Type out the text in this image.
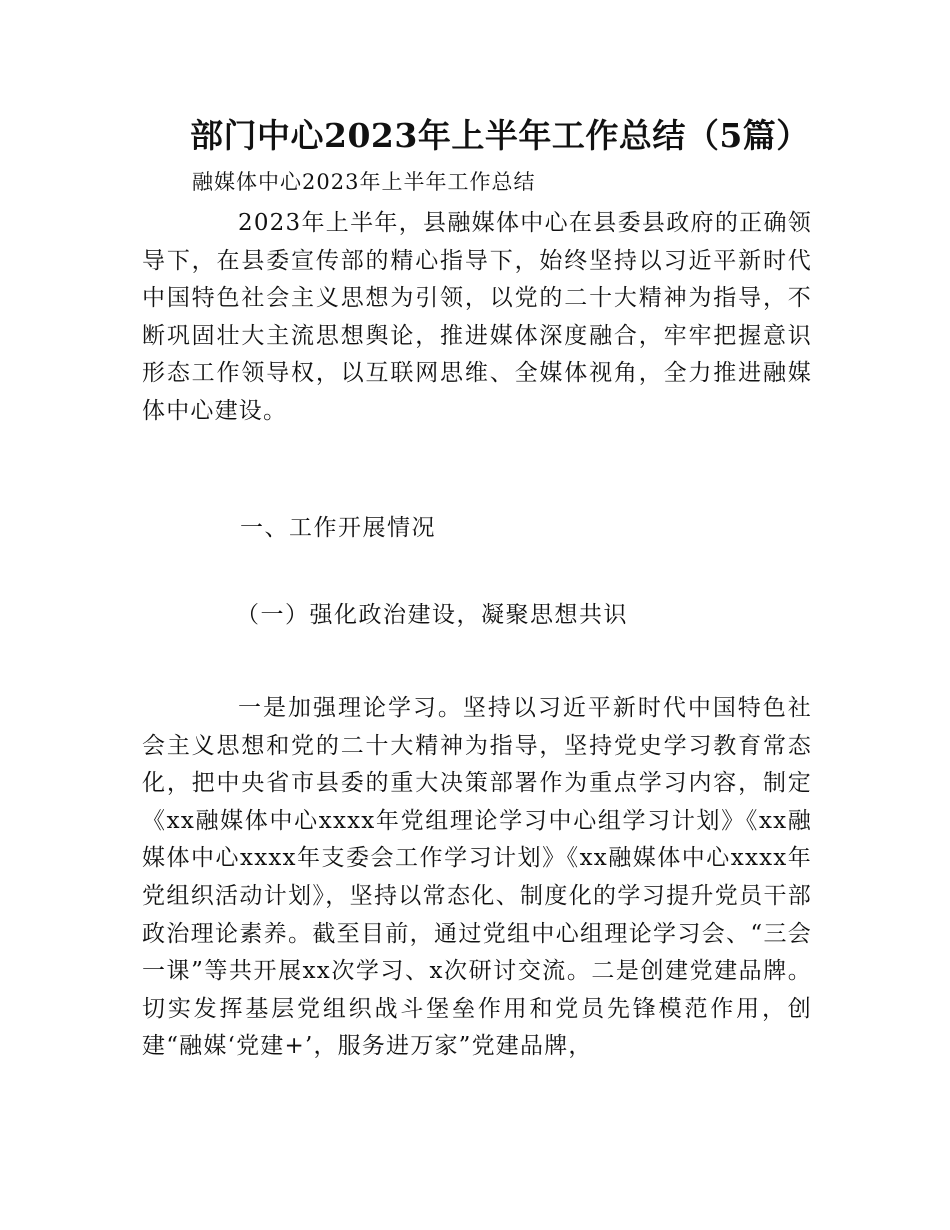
部门中心2023年上半年工作总结（5篇）

融媒体中心2023年上半年工作总结

2023年上半年，县融媒体中心在县委县政府的正确领导下，在县委宣传部的精心指导下，始终坚持以习近平新时代中国特色社会主义思想为引领，以党的二十大精神为指导，不断巩固壮大主流思想舆论，推进媒体深度融合，牢牢把握意识形态工作领导权，以互联网思维、全媒体视角，全力推进融媒体中心建设。

一、工作开展情况

（一）强化政治建设，凝聚思想共识

一是加强理论学习。坚持以习近平新时代中国特色社会主义思想和党的二十大精神为指导，坚持党史学习教育常态化，把中央省市县委的重大决策部署作为重点学习内容，制定《xx融媒体中心xxxx年党组理论学习中心组学习计划》《xx融媒体中心xxxx年支委会工作学习计划》《xx融媒体中心xxxx年党组织活动计划》，坚持以常态化、制度化的学习提升党员干部政治理论素养。截至目前，通过党组中心组理论学习会、“三会一课”等共开展xx次学习、x次研讨交流。二是创建党建品牌。切实发挥基层党组织战斗堡垒作用和党员先锋模范作用，创建“融媒‘党建+’，服务进万家”党建品牌，
